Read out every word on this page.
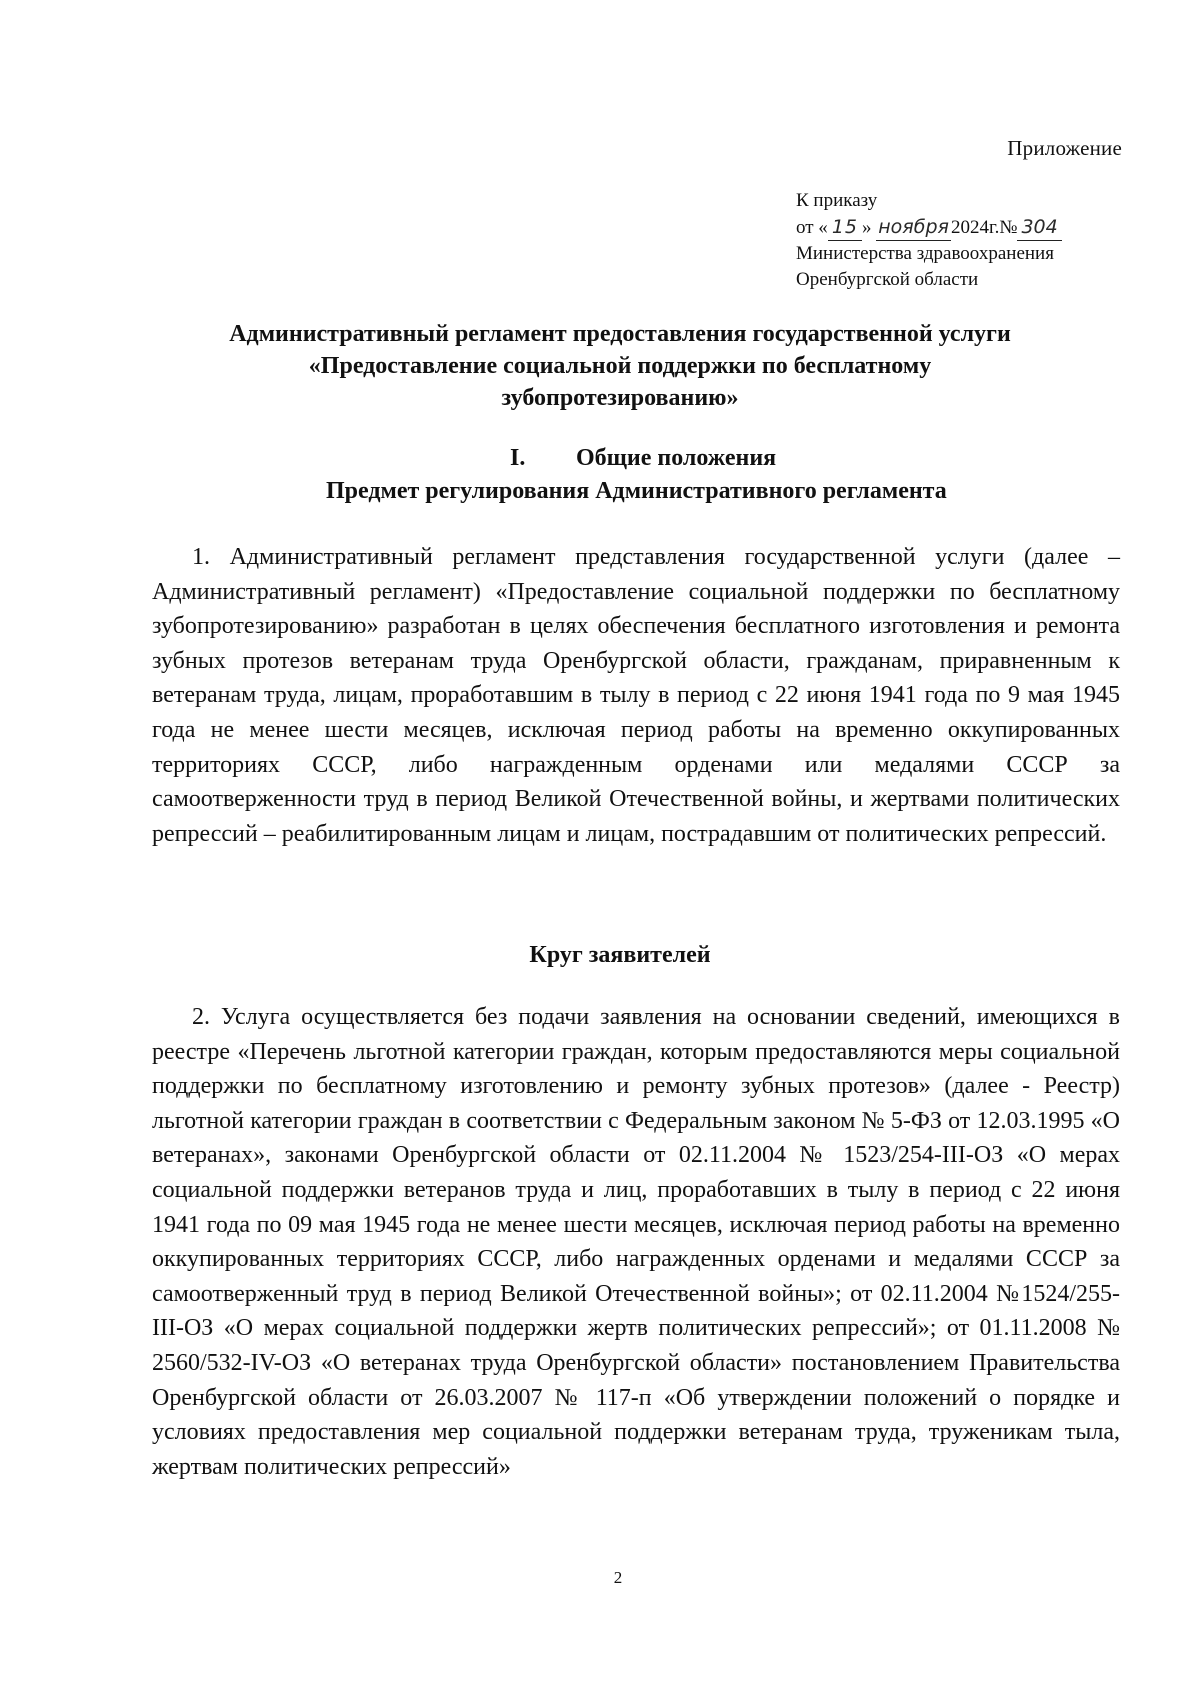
Приложение
К приказу
от « 15 » ноября 2024г.№ 304
Министерства здравоохранения
Оренбургской области
Административный регламент предоставления государственной услуги
«Предоставление социальной поддержки по бесплатному
зубопротезированию»
I. Общие положения
Предмет регулирования Административного регламента
1. Административный регламент представления государственной услуги (далее – Административный регламент) «Предоставление социальной поддержки по бесплатному зубопротезированию» разработан в целях обеспечения бесплатного изготовления и ремонта зубных протезов ветеранам труда Оренбургской области, гражданам, приравненным к ветеранам труда, лицам, проработавшим в тылу в период с 22 июня 1941 года по 9 мая 1945 года не менее шести месяцев, исключая период работы на временно оккупированных территориях СССР, либо награжденным орденами или медалями СССР за самоотверженности труд в период Великой Отечественной войны, и жертвами политических репрессий – реабилитированным лицам и лицам, пострадавшим от политических репрессий.
Круг заявителей
2. Услуга осуществляется без подачи заявления на основании сведений, имеющихся в реестре «Перечень льготной категории граждан, которым предоставляются меры социальной поддержки по бесплатному изготовлению и ремонту зубных протезов» (далее - Реестр) льготной категории граждан в соответствии с Федеральным законом № 5-ФЗ от 12.03.1995 «О ветеранах», законами Оренбургской области от 02.11.2004 № 1523/254-III-ОЗ «О мерах социальной поддержки ветеранов труда и лиц, проработавших в тылу в период с 22 июня 1941 года по 09 мая 1945 года не менее шести месяцев, исключая период работы на временно оккупированных территориях СССР, либо награжденных орденами и медалями СССР за самоотверженный труд в период Великой Отечественной войны»; от 02.11.2004 №1524/255-III-ОЗ «О мерах социальной поддержки жертв политических репрессий»; от 01.11.2008 № 2560/532-IV-ОЗ «О ветеранах труда Оренбургской области» постановлением Правительства Оренбургской области от 26.03.2007 № 117-п «Об утверждении положений о порядке и условиях предоставления мер социальной поддержки ветеранам труда, труженикам тыла, жертвам политических репрессий»
2
